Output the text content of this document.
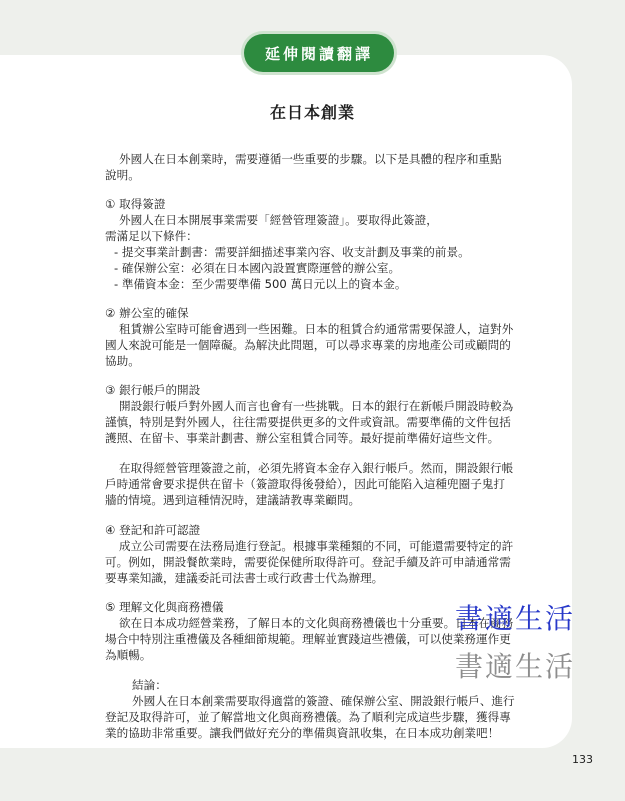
延伸閱讀翻譯
在日本創業
外國人在日本創業時，需要遵循一些重要的步驟。以下是具體的程序和重點
說明。
① 取得簽證
外國人在日本開展事業需要「經營管理簽證」。要取得此簽證，
需滿足以下條件：
- 提交事業計劃書：需要詳細描述事業內容、收支計劃及事業的前景。
- 確保辦公室：必須在日本國內設置實際運營的辦公室。
- 準備資本金：至少需要準備 500 萬日元以上的資本金。
② 辦公室的確保
租賃辦公室時可能會遇到一些困難。日本的租賃合約通常需要保證人，這對外
國人來說可能是一個障礙。為解決此問題，可以尋求專業的房地產公司或顧問的
協助。
③ 銀行帳戶的開設
開設銀行帳戶對外國人而言也會有一些挑戰。日本的銀行在新帳戶開設時較為
謹慎，特別是對外國人，往往需要提供更多的文件或資訊。需要準備的文件包括
護照、在留卡、事業計劃書、辦公室租賃合同等。最好提前準備好這些文件。
在取得經營管理簽證之前，必須先將資本金存入銀行帳戶。然而，開設銀行帳
戶時通常會要求提供在留卡（簽證取得後發給），因此可能陷入這種兜圈子鬼打
牆的情境。遇到這種情況時，建議請教專業顧問。
④ 登記和許可認證
成立公司需要在法務局進行登記。根據事業種類的不同，可能還需要特定的許
可。例如，開設餐飲業時，需要從保健所取得許可。登記手續及許可申請通常需
要專業知識，建議委託司法書士或行政書士代為辦理。
⑤ 理解文化與商務禮儀
欲在日本成功經營業務，了解日本的文化與商務禮儀也十分重要。日本在商務
場合中特別注重禮儀及各種細節規範。理解並實踐這些禮儀，可以使業務運作更
為順暢。
結論：
外國人在日本創業需要取得適當的簽證、確保辦公室、開設銀行帳戶、進行
登記及取得許可，並了解當地文化與商務禮儀。為了順利完成這些步驟，獲得專
業的協助非常重要。讓我們做好充分的準備與資訊收集，在日本成功創業吧！
書適生活
書適生活
133
